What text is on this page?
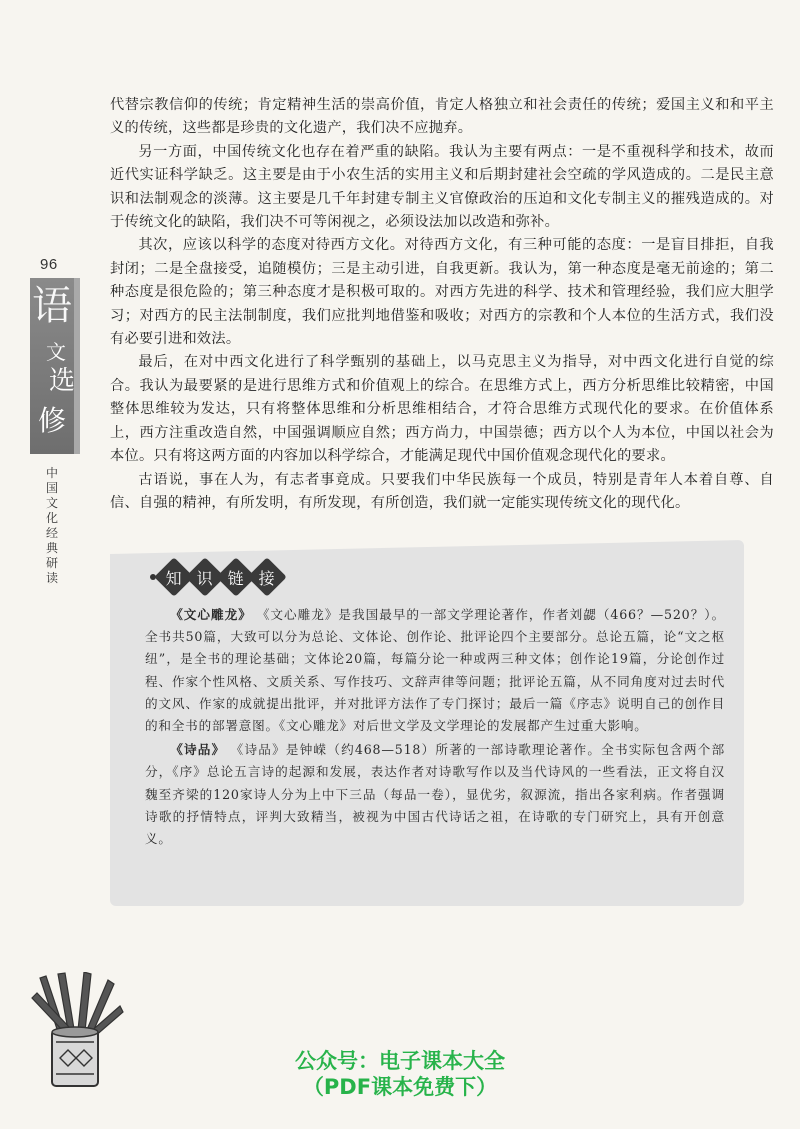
96
语
文
选
修
中
国
文
化
经
典
研
读

代替宗教信仰的传统；肯定精神生活的崇高价值，肯定人格独立和社会责任的传统；爱国主义和和平主义的传统，这些都是珍贵的文化遗产，我们决不应抛弃。

另一方面，中国传统文化也存在着严重的缺陷。我认为主要有两点：一是不重视科学和技术，故而近代实证科学缺乏。这主要是由于小农生活的实用主义和后期封建社会空疏的学风造成的。二是民主意识和法制观念的淡薄。这主要是几千年封建专制主义官僚政治的压迫和文化专制主义的摧残造成的。对于传统文化的缺陷，我们决不可等闲视之，必须设法加以改造和弥补。

其次，应该以科学的态度对待西方文化。对待西方文化，有三种可能的态度：一是盲目排拒，自我封闭；二是全盘接受，追随模仿；三是主动引进，自我更新。我认为，第一种态度是毫无前途的；第二种态度是很危险的；第三种态度才是积极可取的。对西方先进的科学、技术和管理经验，我们应大胆学习；对西方的民主法制制度，我们应批判地借鉴和吸收；对西方的宗教和个人本位的生活方式，我们没有必要引进和效法。

最后，在对中西文化进行了科学甄别的基础上，以马克思主义为指导，对中西文化进行自觉的综合。我认为最要紧的是进行思维方式和价值观上的综合。在思维方式上，西方分析思维比较精密，中国整体思维较为发达，只有将整体思维和分析思维相结合，才符合思维方式现代化的要求。在价值体系上，西方注重改造自然，中国强调顺应自然；西方尚力，中国崇德；西方以个人为本位，中国以社会为本位。只有将这两方面的内容加以科学综合，才能满足现代中国价值观念现代化的要求。

古语说，事在人为，有志者事竟成。只要我们中华民族每一个成员，特别是青年人本着自尊、自信、自强的精神，有所发明，有所发现，有所创造，我们就一定能实现传统文化的现代化。

知 识 链 接

《文心雕龙》 《文心雕龙》是我国最早的一部文学理论著作，作者刘勰（466？—520？）。全书共50篇，大致可以分为总论、文体论、创作论、批评论四个主要部分。总论五篇，论“文之枢纽”，是全书的理论基础；文体论20篇，每篇分论一种或两三种文体；创作论19篇，分论创作过程、作家个性风格、文质关系、写作技巧、文辞声律等问题；批评论五篇，从不同角度对过去时代的文风、作家的成就提出批评，并对批评方法作了专门探讨；最后一篇《序志》说明自己的创作目的和全书的部署意图。《文心雕龙》对后世文学及文学理论的发展都产生过重大影响。

《诗品》 《诗品》是钟嵘（约468—518）所著的一部诗歌理论著作。全书实际包含两个部分，《序》总论五言诗的起源和发展，表达作者对诗歌写作以及当代诗风的一些看法，正文将自汉魏至齐梁的120家诗人分为上中下三品（每品一卷），显优劣，叙源流，指出各家利病。作者强调诗歌的抒情特点，评判大致精当，被视为中国古代诗话之祖，在诗歌的专门研究上，具有开创意义。

公众号：电子课本大全
（PDF课本免费下）
